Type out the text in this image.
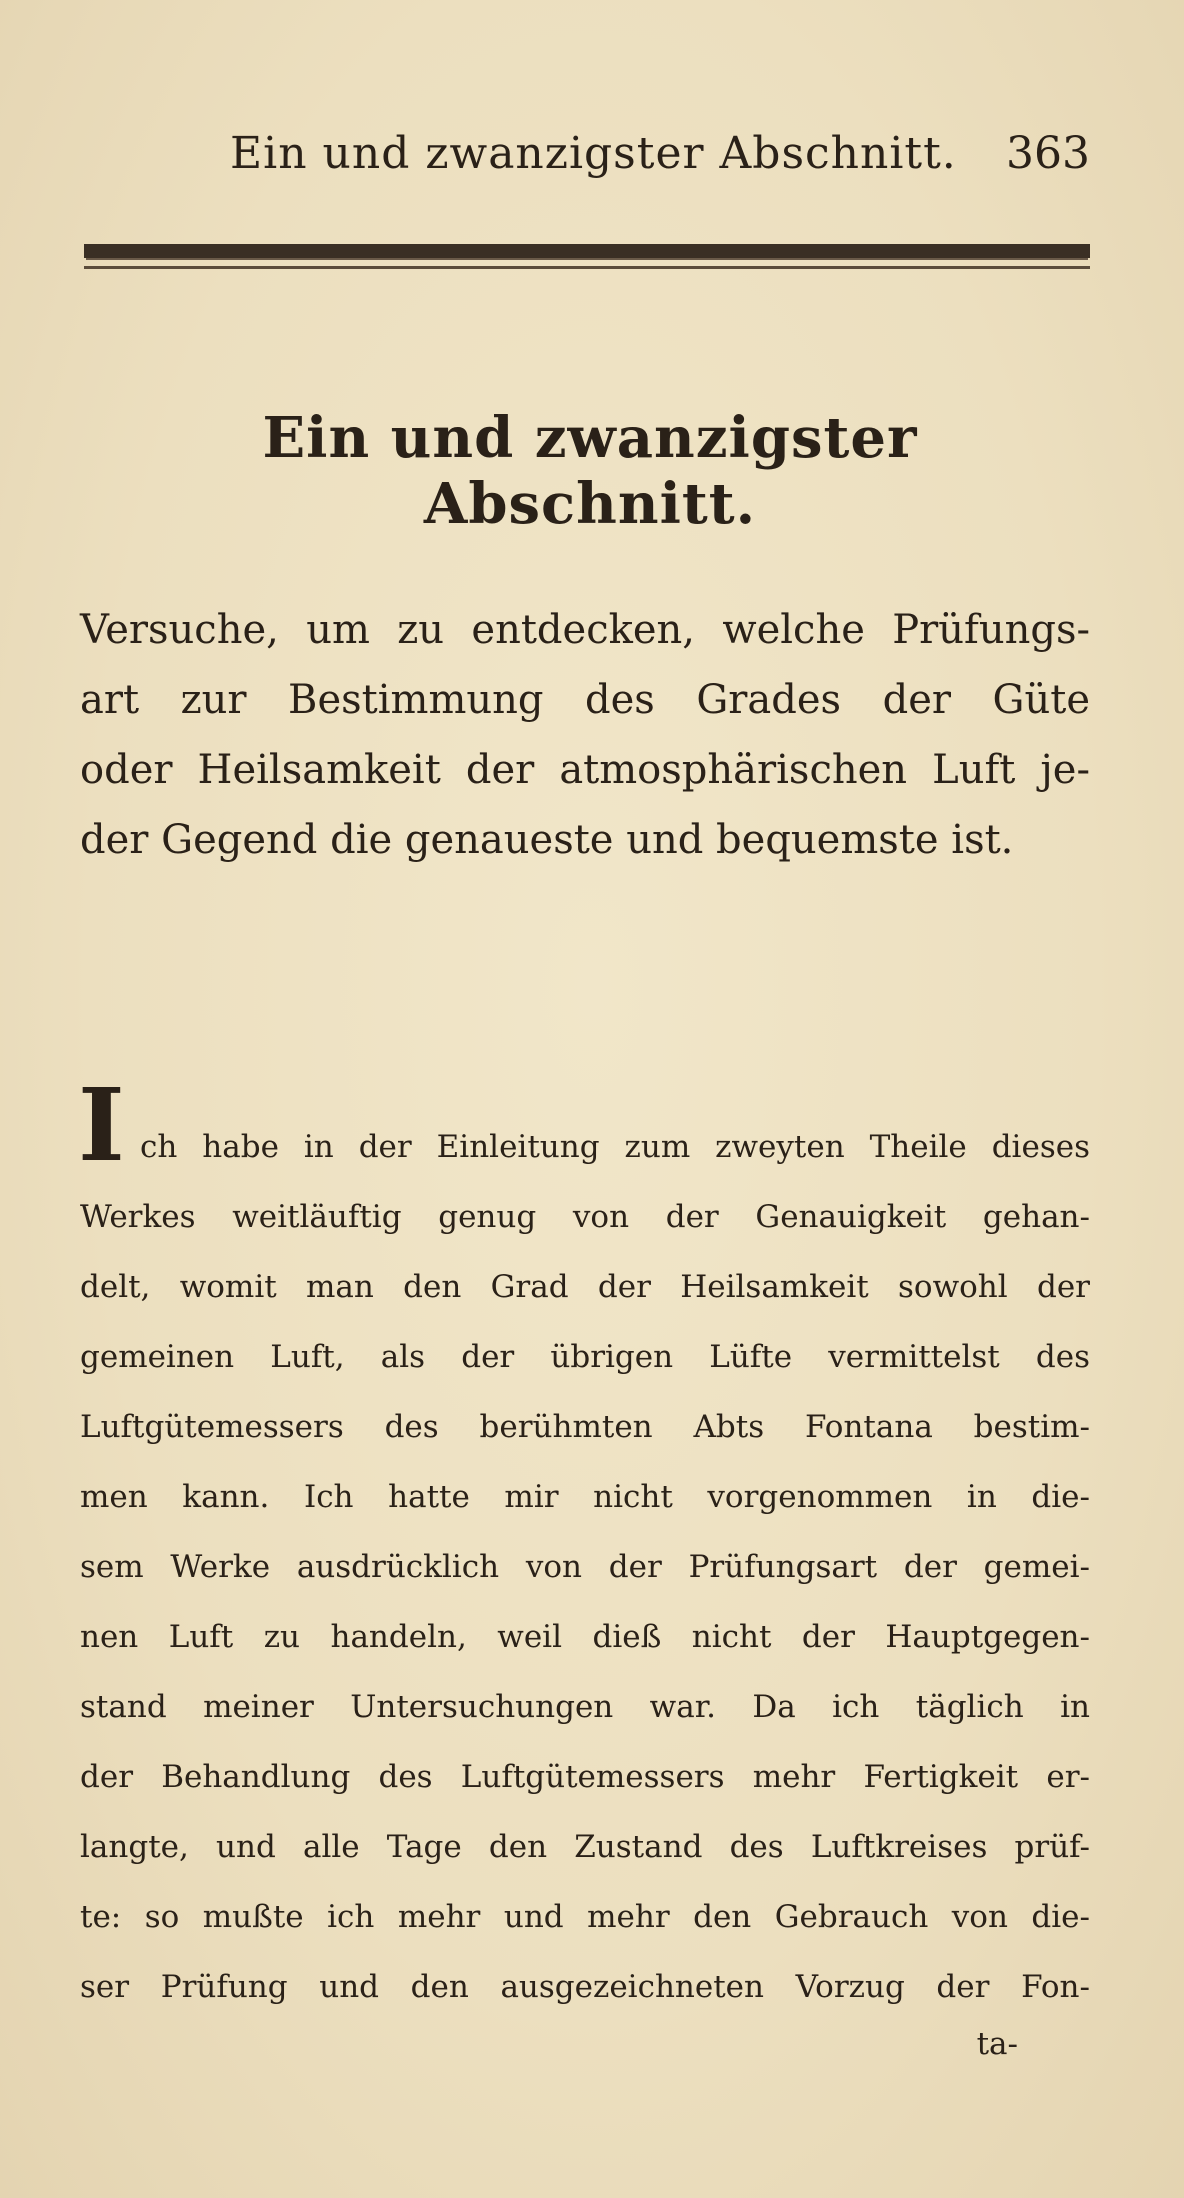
Ein und zwanzigster Abschnitt. 363
Ein und zwanzigster Abschnitt.
Versuche, um zu entdecken, welche Prüfungs-
art zur Bestimmung des Grades der Güte
oder Heilsamkeit der atmosphärischen Luft je-
der Gegend die genaueste und bequemste ist.
I ch habe in der Einleitung zum zweyten Theile dieses
Werkes weitläuftig genug von der Genauigkeit gehan-
delt, womit man den Grad der Heilsamkeit sowohl der
gemeinen Luft, als der übrigen Lüfte vermittelst des
Luftgütemessers des berühmten Abts Fontana bestim-
men kann. Ich hatte mir nicht vorgenommen in die-
sem Werke ausdrücklich von der Prüfungsart der gemei-
nen Luft zu handeln, weil dieß nicht der Hauptgegen-
stand meiner Untersuchungen war. Da ich täglich in
der Behandlung des Luftgütemessers mehr Fertigkeit er-
langte, und alle Tage den Zustand des Luftkreises prüf-
te: so mußte ich mehr und mehr den Gebrauch von die-
ser Prüfung und den ausgezeichneten Vorzug der Fon-
ta-
